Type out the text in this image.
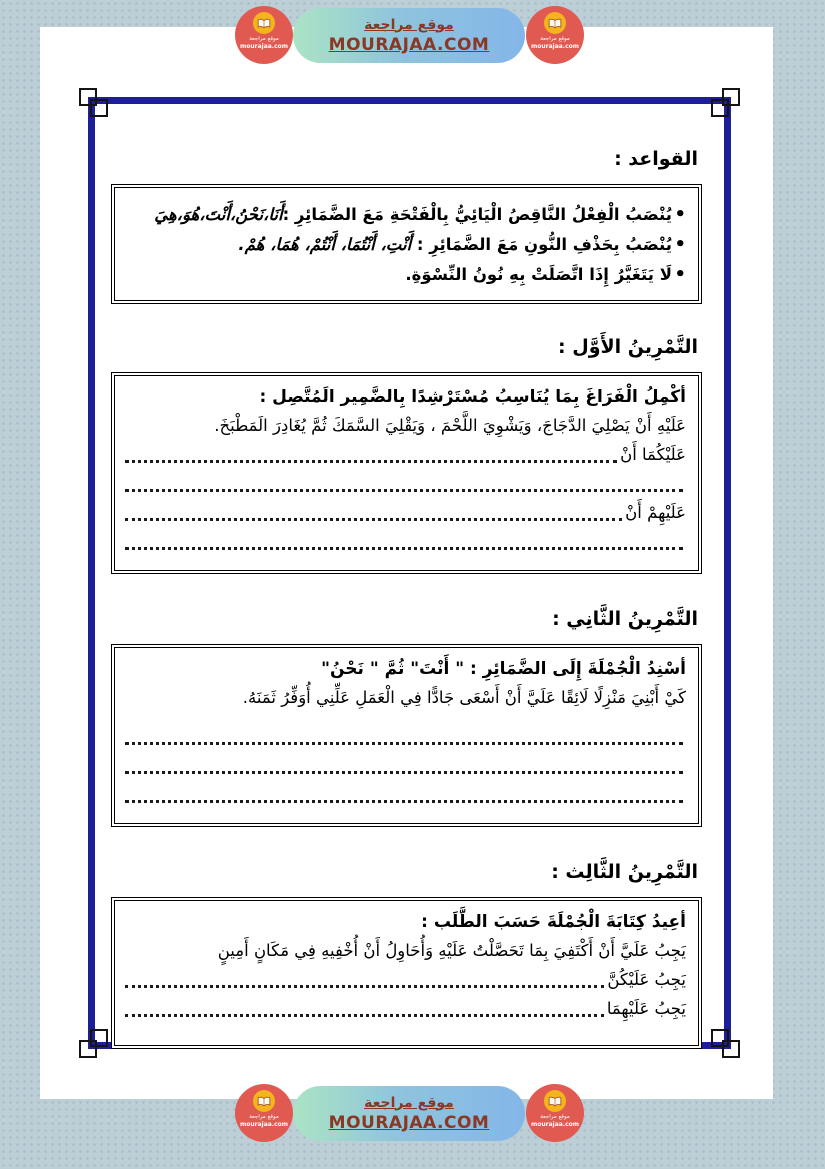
موقع مراجعة
mourajaa.com
موقع مراجعة
MOURAJAA.COM	موقع مراجعة
mourajaa.com
القواعد :
• يُنْصَبُ الْفِعْلُ النَّاقِصُ الْيَائِيُّ بِالْفَتْحَةِ مَعَ الضَّمَائِرِ :أَنَا،نَحْنُ،أَنْتَ،هُوَ،هِيَ
• يُنْصَبُ بِحَذْفِ النُّونِ مَعَ الضَّمَائِرِ : أَنْتِ، أَنْتُمَا، أَنْتُمْ، هُمَا، هُمْ.
• لَا يَتَغَيَّرُ إِذَا اتَّصَلَتْ بِهِ نُونُ النِّسْوَةِ.
التَّمْرِينُ الأَوَّل :
أكْمِلُ الْفَرَاغَ بِمَا يُنَاسِبُ مُسْتَرْشِدًا بِالضَّمِير الَمُتَّصِل :
عَلَيْهِ أَنْ يَصْلِيَ الدَّجَاجَ، وَيَشْوِيَ اللَّحْمَ ، وَيَقْلِيَ السَّمَكَ ثُمَّ يُغَادِرَ الَمَطْبَخَ.
عَلَيْكُمَا أَنْ
عَلَيْهِمْ أَنْ
التَّمْرِينُ الثَّانِي :
أسْنِدُ الْجُمْلَةَ إِلَى الضَّمَائِرِ : " أَنْتَ" ثُمَّ " نَحْنُ"
كَيْ أَبْنِيَ مَنْزِلًا لَائِقًا عَلَيَّ أَنْ أَسْعَى جَادًّا فِي الْعَمَلِ عَلِّنِي أُوَفِّرُ ثَمَنَهُ.
التَّمْرِينُ الثَّالِث :
أعِيدُ كِتَابَةَ الْجُمْلَةَ حَسَبَ الطَّلَب :
يَجِبُ عَلَيَّ أَنْ أَكْتَفِيَ بِمَا تَحَصَّلْتُ عَلَيْهِ وَأُحَاوِلُ أَنْ أُخْفِيهِ فِي مَكَانٍ أَمِينٍ
يَجِبُ عَلَيْكُنَّ
يَجِبُ عَلَيْهِمَا
موقع مراجعة
mourajaa.com
موقع مراجعة
MOURAJAA.COM	موقع مراجعة
mourajaa.com
